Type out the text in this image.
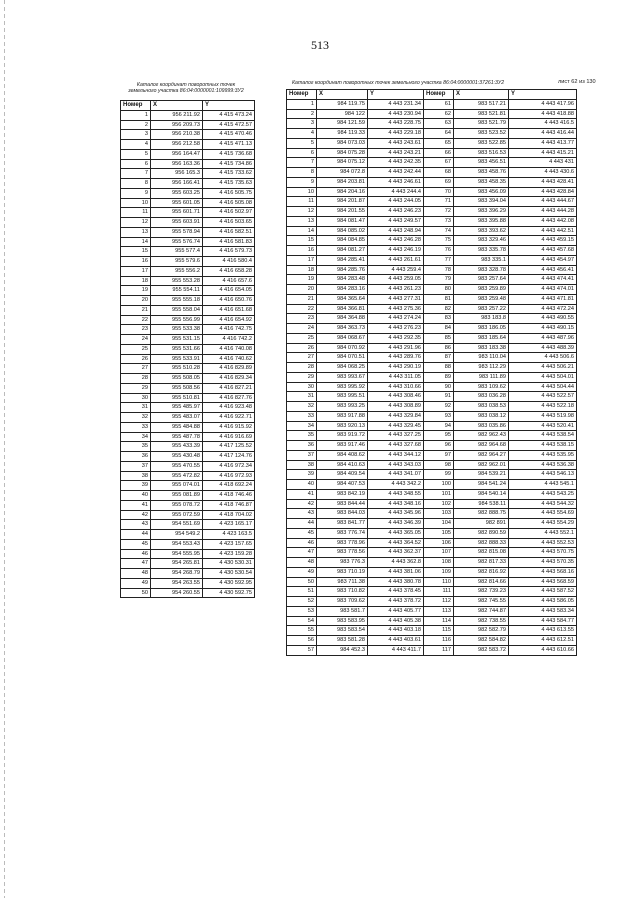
513
Каталог координат поворотных точек
земельного участка 86:04:0000001:109999:3У2
Каталог координат поворотных точек земельного участка 86:04:0000001:37261:3У2	лист 62 из 130
Номер	X	Y
1	956 211.92	4 415 473.24
2	956 209.73	4 415 472.57
3	956 210.38	4 415 470.46
4	956 212.58	4 415 471.13
5	956 164.47	4 415 736.68
6	956 163.36	4 415 734.86
7	956 165.3	4 415 733.62
8	956 166.41	4 415 735.63
9	955 603.25	4 416 505.75
10	955 601.05	4 416 505.08
11	955 601.71	4 416 502.97
12	955 603.91	4 416 503.65
13	955 578.94	4 416 582.51
14	955 576.74	4 416 581.83
15	955 577.4	4 416 579.73
16	955 579.6	4 416 580.4
17	955 556.2	4 416 658.28
18	955 553.28	4 416 657.6
19	955 554.11	4 416 654.05
20	955 555.18	4 416 650.76
21	955 558.04	4 416 651.68
22	955 556.99	4 416 654.92
23	955 533.38	4 416 742.75
24	955 531.15	4 416 742.2
25	955 531.66	4 416 740.08
26	955 533.91	4 416 740.62
27	955 510.28	4 416 829.89
28	955 508.05	4 416 829.34
29	955 508.56	4 416 827.21
30	955 510.81	4 416 827.76
31	955 485.97	4 416 923.48
32	955 483.07	4 416 922.71
33	955 484.88	4 416 915.92
34	955 487.78	4 416 916.69
35	955 433.39	4 417 125.52
36	955 430.48	4 417 124.76
37	955 470.55	4 416 972.34
38	955 472.82	4 416 972.93
39	955 074.01	4 418 692.24
40	955 081.89	4 418 746.46
41	955 078.72	4 418 746.87
42	955 072.59	4 418 704.02
43	954 551.69	4 423 165.17
44	954 549.2	4 423 163.5
45	954 553.43	4 423 157.65
46	954 555.95	4 423 159.28
47	954 265.81	4 430 530.31
48	954 268.79	4 430 530.54
49	954 263.55	4 430 592.95
50	954 260.55	4 430 592.75
Номер	X	Y	Номер	X	Y
1	984 119.75	4 443 231.34	61	983 517.21	4 443 417.96
2	984 122	4 443 230.94	62	983 521.81	4 443 418.88
3	984 121.59	4 443 228.75	63	983 521.79	4 443 416.5
4	984 119.33	4 443 229.18	64	983 523.52	4 443 416.44
5	984 073.03	4 443 243.61	65	983 522.85	4 443 413.77
6	984 075.28	4 443 243.21	66	983 516.53	4 443 415.21
7	984 075.12	4 443 242.35	67	983 456.51	4 443 431
8	984 072.8	4 443 242.44	68	983 458.76	4 443 430.6
9	984 203.81	4 443 246.61	69	983 458.35	4 443 428.41
10	984 204.16	4 443 244.4	70	983 456.09	4 443 428.84
11	984 201.87	4 443 244.05	71	983 394.04	4 443 444.67
12	984 201.55	4 443 246.23	72	983 396.29	4 443 444.28
13	984 081.47	4 443 249.57	73	983 395.88	4 443 442.08
14	984 085.02	4 443 248.94	74	983 393.62	4 443 442.51
15	984 084.85	4 443 246.28	75	983 329.46	4 443 459.15
16	984 081.27	4 443 246.19	76	983 335.78	4 443 457.68
17	984 285.41	4 443 261.61	77	983 335.1	4 443 454.97
18	984 285.76	4 443 259.4	78	983 328.78	4 443 456.41
19	984 283.48	4 443 259.05	79	983 257.64	4 443 474.41
20	984 283.16	4 443 261.23	80	983 259.89	4 443 474.01
21	984 365.64	4 443 277.31	81	983 259.48	4 443 471.81
22	984 366.81	4 443 275.36	82	983 257.22	4 443 472.24
23	984 364.88	4 443 274.24	83	983 183.8	4 443 490.55
24	984 363.73	4 443 276.23	84	983 186.05	4 443 490.15
25	984 068.67	4 443 292.35	85	983 185.64	4 443 487.96
26	984 070.92	4 443 291.96	86	983 183.38	4 443 488.39
27	984 070.51	4 443 289.76	87	983 110.04	4 443 506.6
28	984 068.25	4 443 290.19	88	983 112.29	4 443 506.21
29	983 993.67	4 443 311.05	89	983 111.89	4 443 504.01
30	983 995.92	4 443 310.66	90	983 109.62	4 443 504.44
31	983 995.51	4 443 308.46	91	983 036.28	4 443 522.57
32	983 993.25	4 443 308.89	92	983 038.53	4 443 522.18
33	983 917.88	4 443 329.84	93	983 038.12	4 443 519.98
34	983 920.13	4 443 329.45	94	983 035.86	4 443 520.41
35	983 919.72	4 443 327.25	95	982 962.43	4 443 538.54
36	983 917.46	4 443 327.68	96	982 964.68	4 443 538.15
37	984 408.62	4 443 344.12	97	982 964.27	4 443 535.95
38	984 410.63	4 443 343.03	98	982 962.01	4 443 536.38
39	984 409.54	4 443 341.07	99	984 539.21	4 443 546.13
40	984 407.53	4 443 342.2	100	984 541.24	4 443 545.1
41	983 842.19	4 443 348.55	101	984 540.14	4 443 543.25
42	983 844.44	4 443 348.16	102	984 538.11	4 443 544.32
43	983 844.03	4 443 345.96	103	982 888.75	4 443 554.69
44	983 841.77	4 443 346.39	104	982 891	4 443 554.29
45	983 776.74	4 443 365.05	105	982 890.59	4 443 552.1
46	983 778.96	4 443 364.52	106	982 888.33	4 443 552.53
47	983 778.56	4 443 362.37	107	982 815.08	4 443 570.75
48	983 776.3	4 443 362.8	108	982 817.33	4 443 570.35
49	983 710.19	4 443 381.06	109	982 816.92	4 443 568.16
50	983 711.38	4 443 380.78	110	982 814.66	4 443 568.59
51	983 710.82	4 443 378.45	111	982 739.23	4 443 587.52
52	983 709.62	4 443 378.72	112	982 745.55	4 443 586.05
53	983 581.7	4 443 405.77	113	982 744.87	4 443 583.34
54	983 583.95	4 443 405.38	114	982 738.55	4 443 584.77
55	983 583.54	4 443 403.18	115	982 582.79	4 443 613.55
56	983 581.28	4 443 403.61	116	982 584.82	4 443 612.51
57	984 452.3	4 443 411.7	117	982 583.72	4 443 610.66
